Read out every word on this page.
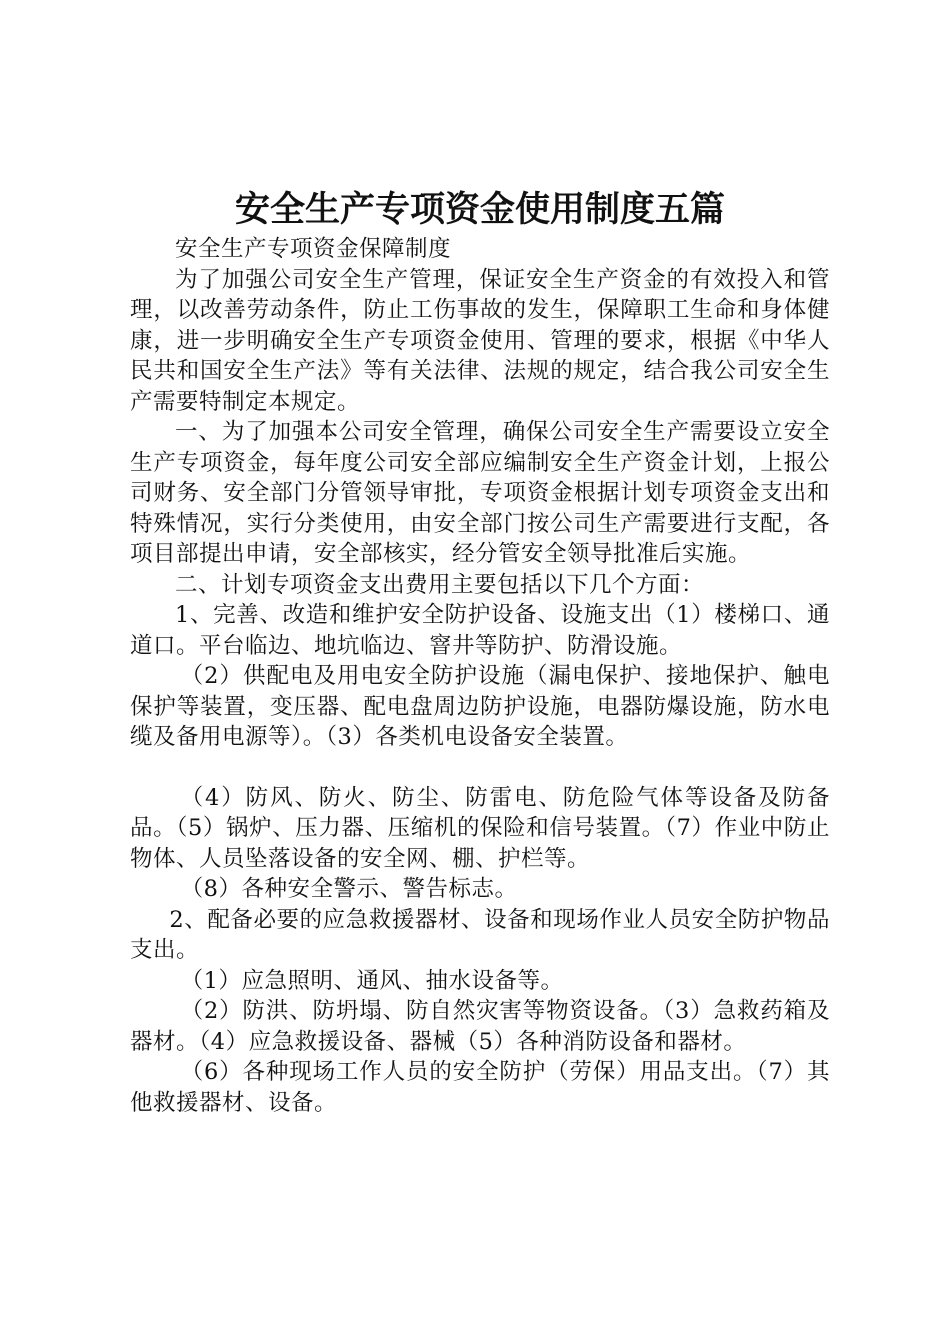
安全生产专项资金使用制度五篇

安全生产专项资金保障制度

为了加强公司安全生产管理，保证安全生产资金的有效投入和管理，以改善劳动条件，防止工伤事故的发生，保障职工生命和身体健康，进一步明确安全生产专项资金使用、管理的要求，根据《中华人民共和国安全生产法》等有关法律、法规的规定，结合我公司安全生产需要特制定本规定。

一、为了加强本公司安全管理，确保公司安全生产需要设立安全生产专项资金，每年度公司安全部应编制安全生产资金计划，上报公司财务、安全部门分管领导审批，专项资金根据计划专项资金支出和特殊情况，实行分类使用，由安全部门按公司生产需要进行支配，各项目部提出申请，安全部核实，经分管安全领导批准后实施。

二、计划专项资金支出费用主要包括以下几个方面：

1、完善、改造和维护安全防护设备、设施支出（1）楼梯口、通道口。平台临边、地坑临边、窨井等防护、防滑设施。

（2）供配电及用电安全防护设施（漏电保护、接地保护、触电保护等装置，变压器、配电盘周边防护设施，电器防爆设施，防水电缆及备用电源等）。（3）各类机电设备安全装置。

（4）防风、防火、防尘、防雷电、防危险气体等设备及防备品。（5）锅炉、压力器、压缩机的保险和信号装置。（7）作业中防止物体、人员坠落设备的安全网、棚、护栏等。

（8）各种安全警示、警告标志。

2、配备必要的应急救援器材、设备和现场作业人员安全防护物品支出。

（1）应急照明、通风、抽水设备等。

（2）防洪、防坍塌、防自然灾害等物资设备。（3）急救药箱及器材。（4）应急救援设备、器械（5）各种消防设备和器材。

（6）各种现场工作人员的安全防护（劳保）用品支出。（7）其他救援器材、设备。
